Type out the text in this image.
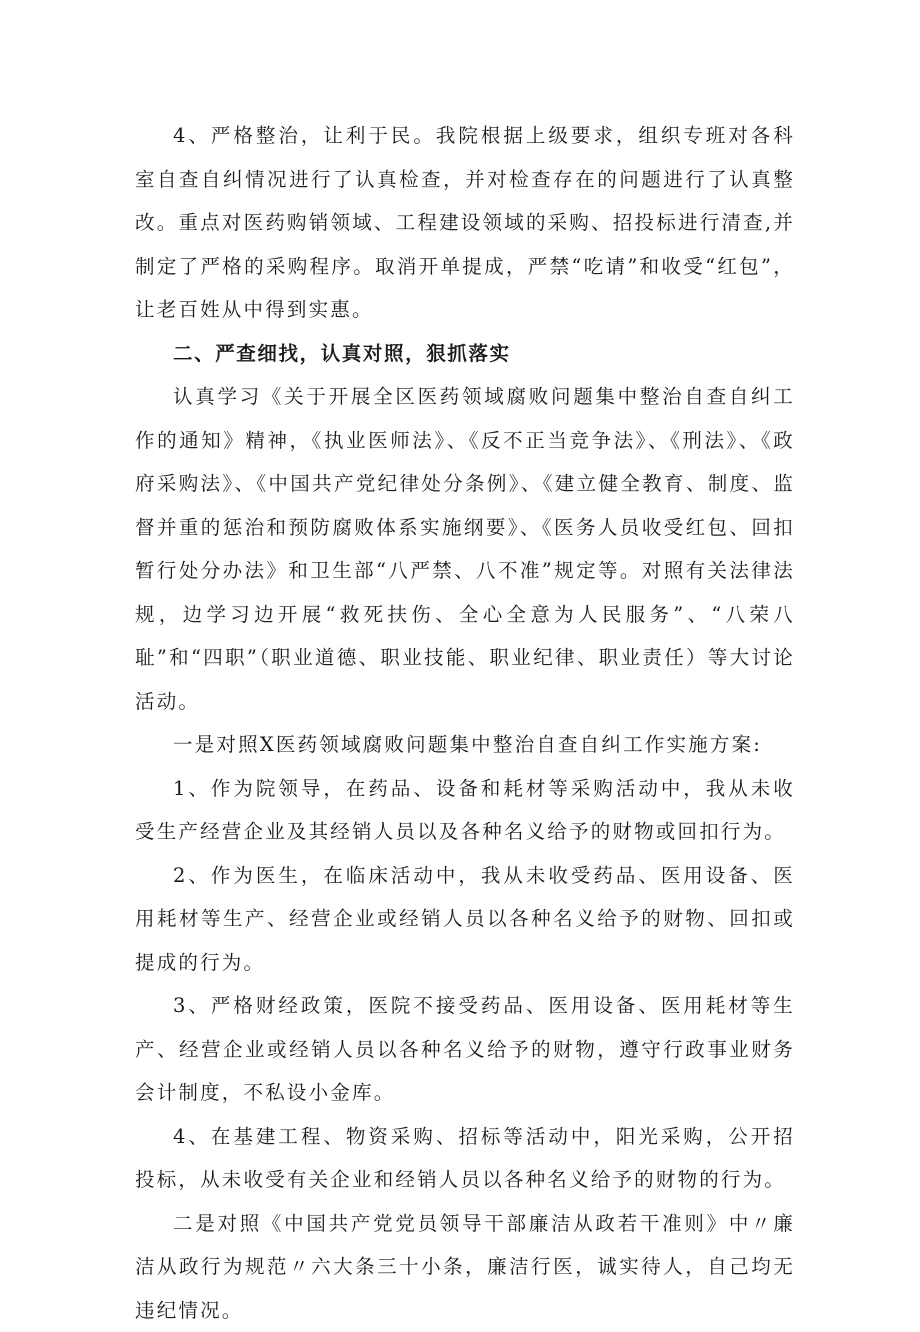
4、严格整治，让利于民。我院根据上级要求，组织专班对各科室自查自纠情况进行了认真检查，并对检查存在的问题进行了认真整改。重点对医药购销领域、工程建设领域的采购、招投标进行清查,并制定了严格的采购程序。取消开单提成，严禁“吃请”和收受“红包”，让老百姓从中得到实惠。

二、严查细找，认真对照，狠抓落实

认真学习《关于开展全区医药领域腐败问题集中整治自查自纠工作的通知》精神，《执业医师法》、《反不正当竞争法》、《刑法》、《政府采购法》、《中国共产党纪律处分条例》、《建立健全教育、制度、监督并重的惩治和预防腐败体系实施纲要》、《医务人员收受红包、回扣暂行处分办法》和卫生部“八严禁、八不准”规定等。对照有关法律法规，边学习边开展“救死扶伤、全心全意为人民服务”、“八荣八耻”和“四职”（职业道德、职业技能、职业纪律、职业责任）等大讨论活动。

一是对照X医药领域腐败问题集中整治自查自纠工作实施方案:

1、作为院领导，在药品、设备和耗材等采购活动中，我从未收受生产经营企业及其经销人员以及各种名义给予的财物或回扣行为。

2、作为医生，在临床活动中，我从未收受药品、医用设备、医用耗材等生产、经营企业或经销人员以各种名义给予的财物、回扣或提成的行为。

3、严格财经政策，医院不接受药品、医用设备、医用耗材等生产、经营企业或经销人员以各种名义给予的财物，遵守行政事业财务会计制度，不私设小金库。

4、在基建工程、物资采购、招标等活动中，阳光采购，公开招投标，从未收受有关企业和经销人员以各种名义给予的财物的行为。

二是对照《中国共产党党员领导干部廉洁从政若干准则》中〃廉洁从政行为规范〃六大条三十小条，廉洁行医，诚实待人，自己均无违纪情况。
